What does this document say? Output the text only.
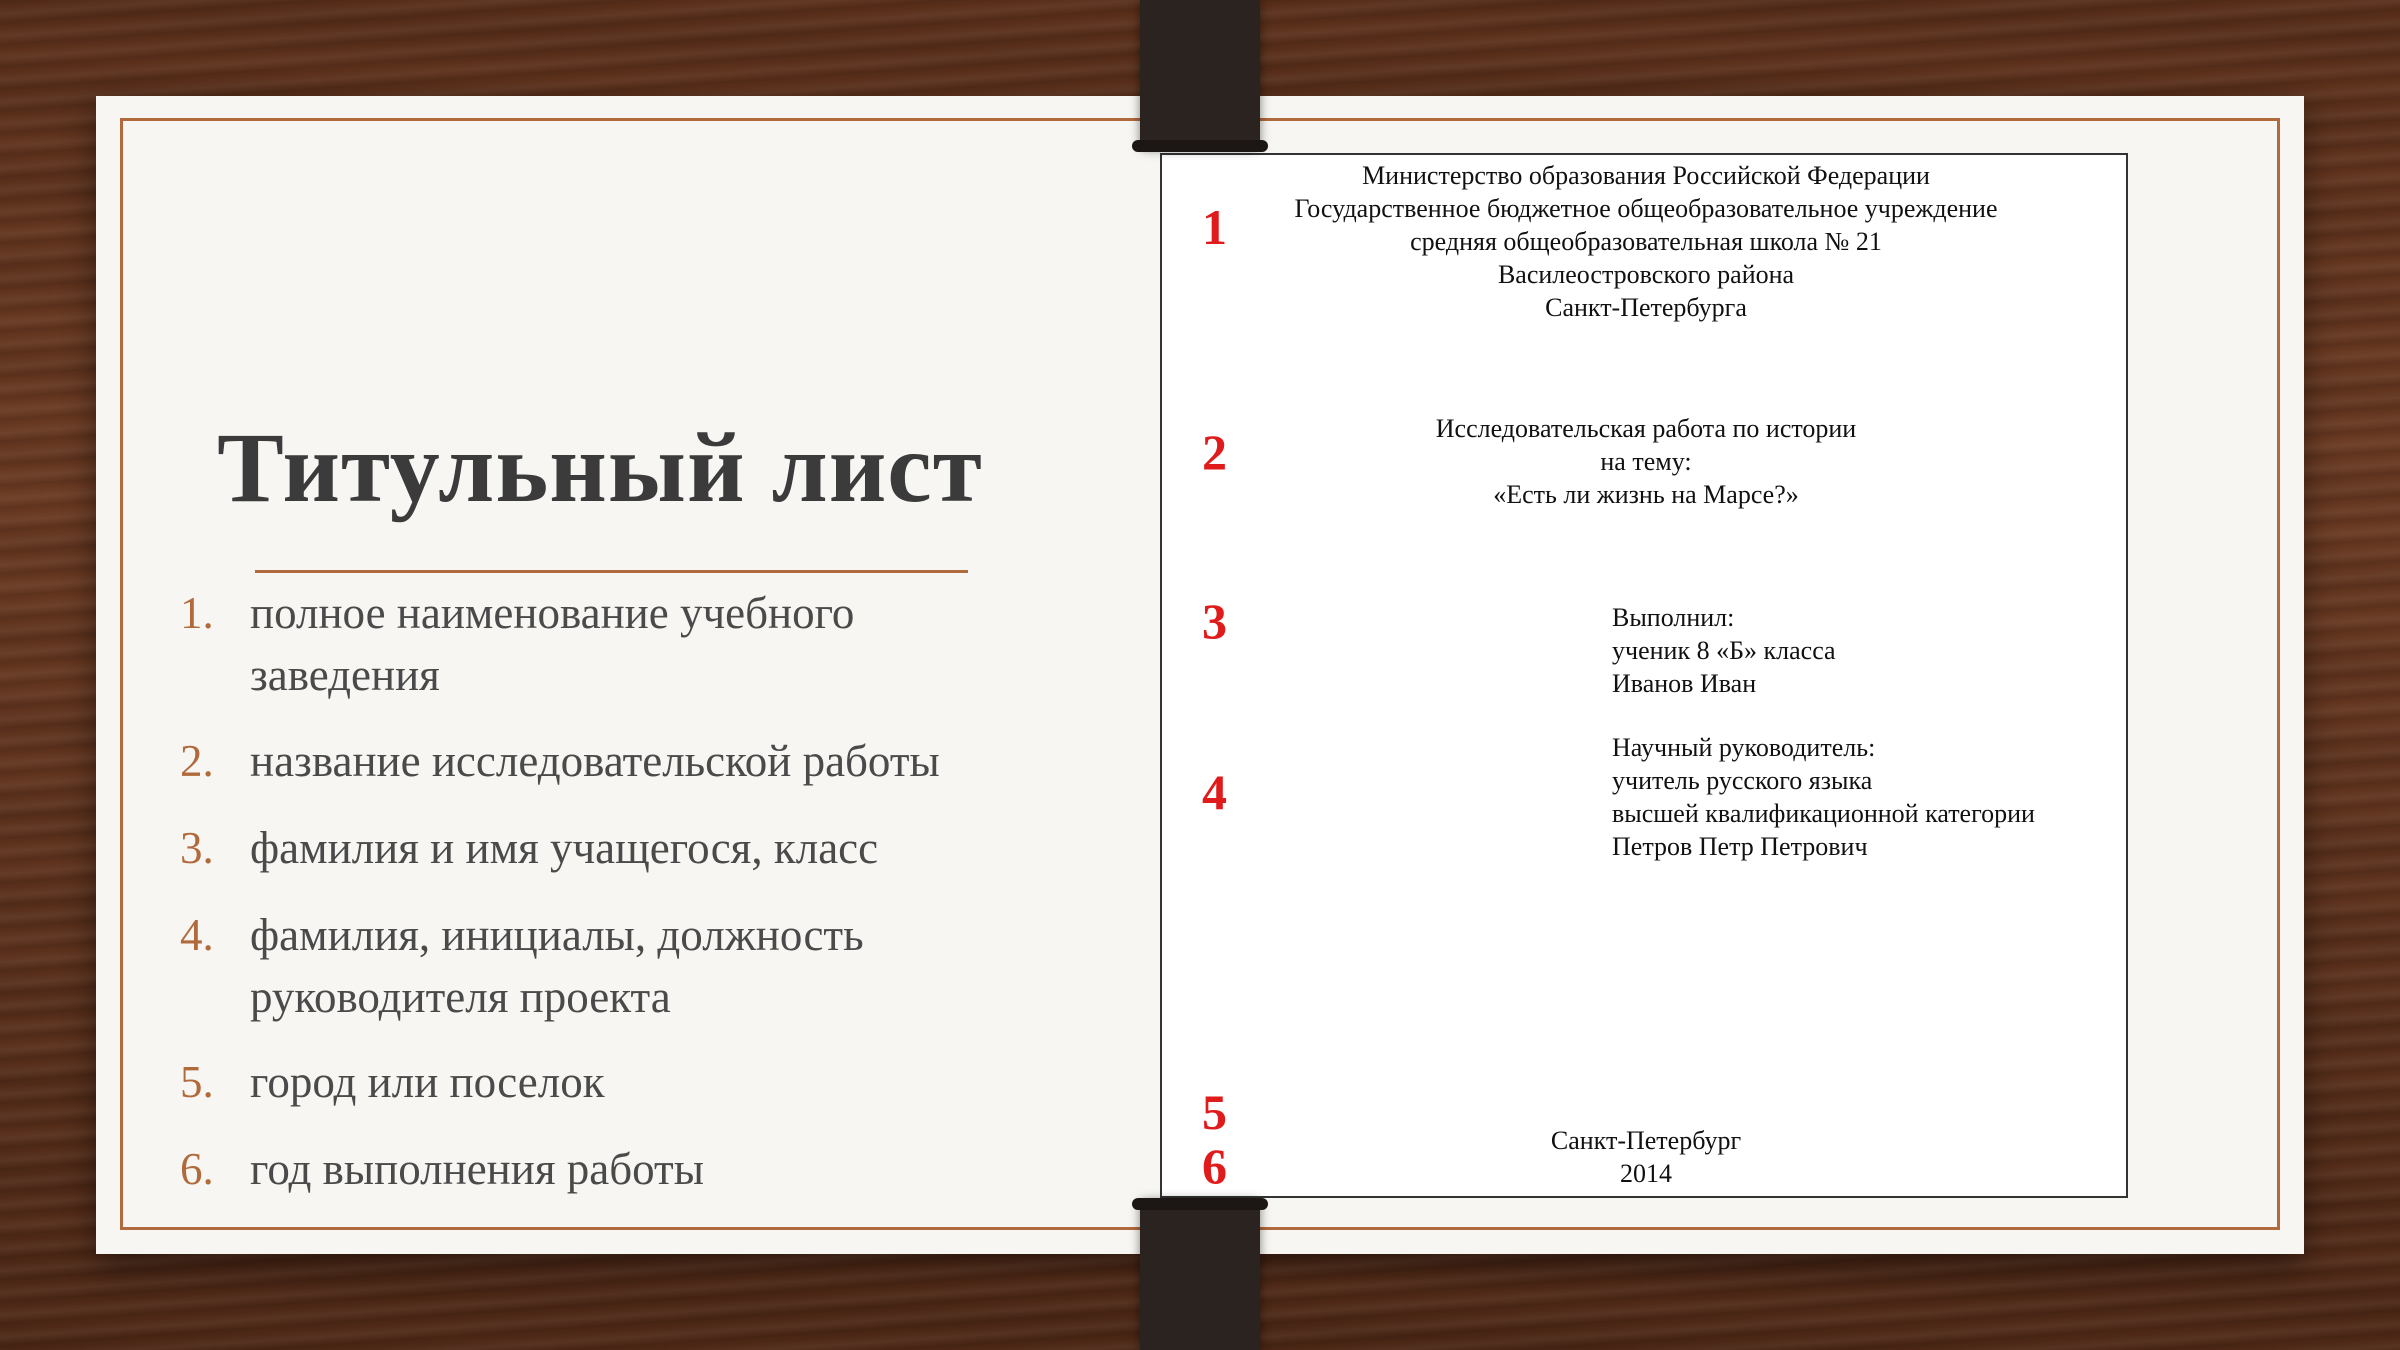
Титульный лист
1. полное наименование учебного заведения
2. название исследовательской работы
3. фамилия и имя учащегося, класс
4. фамилия, инициалы, должность руководителя проекта
5. город или поселок
6. год выполнения работы
Министерство образования Российской Федерации
Государственное бюджетное общеобразовательное учреждение
средняя общеобразовательная школа № 21
Василеостровского района
Санкт-Петербурга
Исследовательская работа по истории
на тему:
«Есть ли жизнь на Марсе?»
Выполнил:
ученик 8 «Б» класса
Иванов Иван
Научный руководитель:
учитель русского языка
высшей квалификационной категории
Петров Петр Петрович
Санкт-Петербург
2014
1
2
3
4
5
6
